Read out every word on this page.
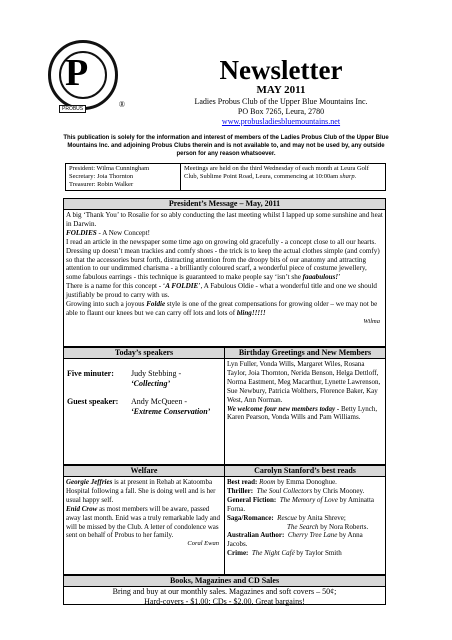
P
PROBUS	®
Newsletter
MAY 2011
Ladies Probus Club of the Upper Blue Mountains Inc.
PO Box 7265, Leura, 2780
www.probusladiesbluemountains.net
This publication is solely for the information and interest of members of the Ladies Probus Club of the Upper Blue Mountains Inc. and adjoining Probus Clubs therein and is not available to, and may not be used by, any outside person for any reason whatsoever.
President: Wilma Cunningham
Secretary: Joia Thornton
Treasurer: Robin Walker
Meetings are held on the third Wednesday of each month at Leura Golf Club, Sublime Point Road, Leura, commencing at 10:00am sharp.
President’s Message – May, 2011
A big ‘Thank You’ to Rosalie for so ably conducting the last meeting whilst I lapped up some sunshine and heat in Darwin.
FOLDIES - A New Concept!
I read an article in the newspaper some time ago on growing old gracefully - a concept close to all our hearts. Dressing up doesn’t mean trackies and comfy shoes - the trick is to keep the actual clothes simple (and comfy) so that the accessories burst forth, distracting attention from the droopy bits of our anatomy and attracting attention to our undimmed charisma - a brilliantly coloured scarf, a wonderful piece of costume jewellery, some fabulous earrings - this technique is guaranteed to make people say ‘isn’t she faaabulous!’
There is a name for this concept - ‘A FOLDIE’, A Fabulous Oldie - what a wonderful title and one we should justifiably be proud to carry with us.
Growing into such a joyous Foldie style is one of the great compensations for growing older – we may not be able to flaunt our knees but we can carry off lots and lots of bling!!!!!
Wilma
Today’s speakers
Five minuter:	Judy Stebbing -
‘Collecting’
Guest speaker:	Andy McQueen -
‘Extreme Conservation’
Birthday Greetings and New Members
Lyn Fuller, Vonda Wills, Margaret Wiles, Rosana Taylor, Joia Thornton, Nerida Benson, Helga Dettloff, Norma Eastment, Meg Macarthur, Lynette Lawrenson, Sue Newbury, Patricia Wolthers, Florence Baker, Kay West, Ann Norman.
We welcome four new members today - Betty Lynch, Karen Pearson, Vonda Wills and Pam Williams.
Welfare
Georgie Jeffries is at present in Rehab at Katoomba Hospital following a fall. She is doing well and is her usual happy self.
Enid Crow as most members will be aware, passed away last month. Enid was a truly remarkable lady and will be missed by the Club. A letter of condolence was sent on behalf of Probus to her family.
Coral Ewan
Carolyn Stanford’s best reads
Best read: Room by Emma Donoghue.
Thriller: The Soul Collectors by Chris Mooney.
General Fiction: The Memory of Love by Aminatta Forna.
Saga/Romance: Rescue by Anita Shreve;
The Search by Nora Roberts.
Australian Author: Cherry Tree Lane by Anna Jacobs.
Crime: The Night Café by Taylor Smith
Books, Magazines and CD Sales
Bring and buy at our monthly sales. Magazines and soft covers – 50¢;
Hard-covers - $1.00; CDs - $2.00. Great bargains!
